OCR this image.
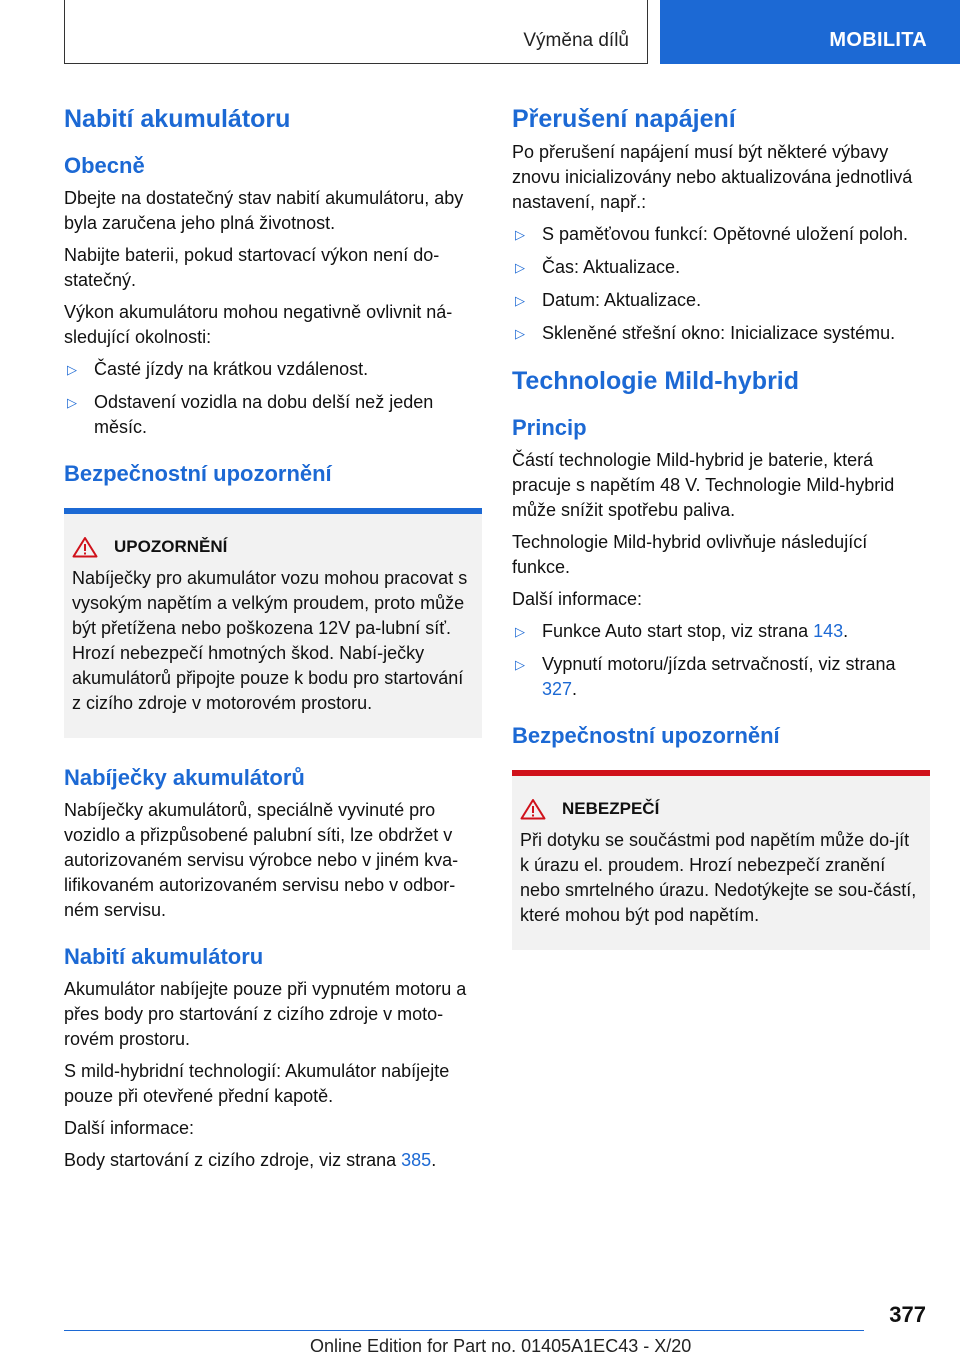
Výměna dílů	MOBILITA
Nabití akumulátoru
Obecně

Dbejte na dostatečný stav nabití akumulátoru, aby byla zaručena jeho plná životnost.

Nabijte baterii, pokud startovací výkon není do-statečný.

Výkon akumulátoru mohou negativně ovlivnit ná-sledující okolnosti:

▷ Časté jízdy na krátkou vzdálenost.
▷ Odstavení vozidla na dobu delší než jeden měsíc.
Bezpečnostní upozornění
UPOZORNĚNÍ

Nabíječky pro akumulátor vozu mohou pracovat s vysokým napětím a velkým proudem, proto může být přetížena nebo poškozena 12V pa-lubní síť. Hrozí nebezpečí hmotných škod. Nabí-ječky akumulátorů připojte pouze k bodu pro startování z cizího zdroje v motorovém prostoru.

Nabíječky akumulátorů

Nabíječky akumulátorů, speciálně vyvinuté pro vozidlo a přizpůsobené palubní síti, lze obdržet v autorizovaném servisu výrobce nebo v jiném kva-lifikovaném autorizovaném servisu nebo v odbor-ném servisu.

Nabití akumulátoru

Akumulátor nabíjejte pouze při vypnutém motoru a přes body pro startování z cizího zdroje v moto-rovém prostoru.

S mild-hybridní technologií: Akumulátor nabíjejte pouze při otevřené přední kapotě.

Další informace:

Body startování z cizího zdroje, viz strana 385.

Přerušení napájení

Po přerušení napájení musí být některé výbavy znovu inicializovány nebo aktualizována jednotlivá nastavení, např.:

▷ S paměťovou funkcí: Opětovné uložení poloh.
▷ Čas: Aktualizace.
▷ Datum: Aktualizace.
▷ Skleněné střešní okno: Inicializace systému.
Technologie Mild-hybrid
Princip

Částí technologie Mild-hybrid je baterie, která pracuje s napětím 48 V. Technologie Mild-hybrid může snížit spotřebu paliva.

Technologie Mild-hybrid ovlivňuje následující funkce.

Další informace:

▷ Funkce Auto start stop, viz strana 143.
▷ Vypnutí motoru/jízda setrvačností, viz strana 327.
Bezpečnostní upozornění
NEBEZPEČÍ

Při dotyku se součástmi pod napětím může do-jít k úrazu el. proudem. Hrozí nebezpečí zranění nebo smrtelného úrazu. Nedotýkejte se sou-částí, které mohou být pod napětím.

377
Online Edition for Part no. 01405A1EC43 - X/20
